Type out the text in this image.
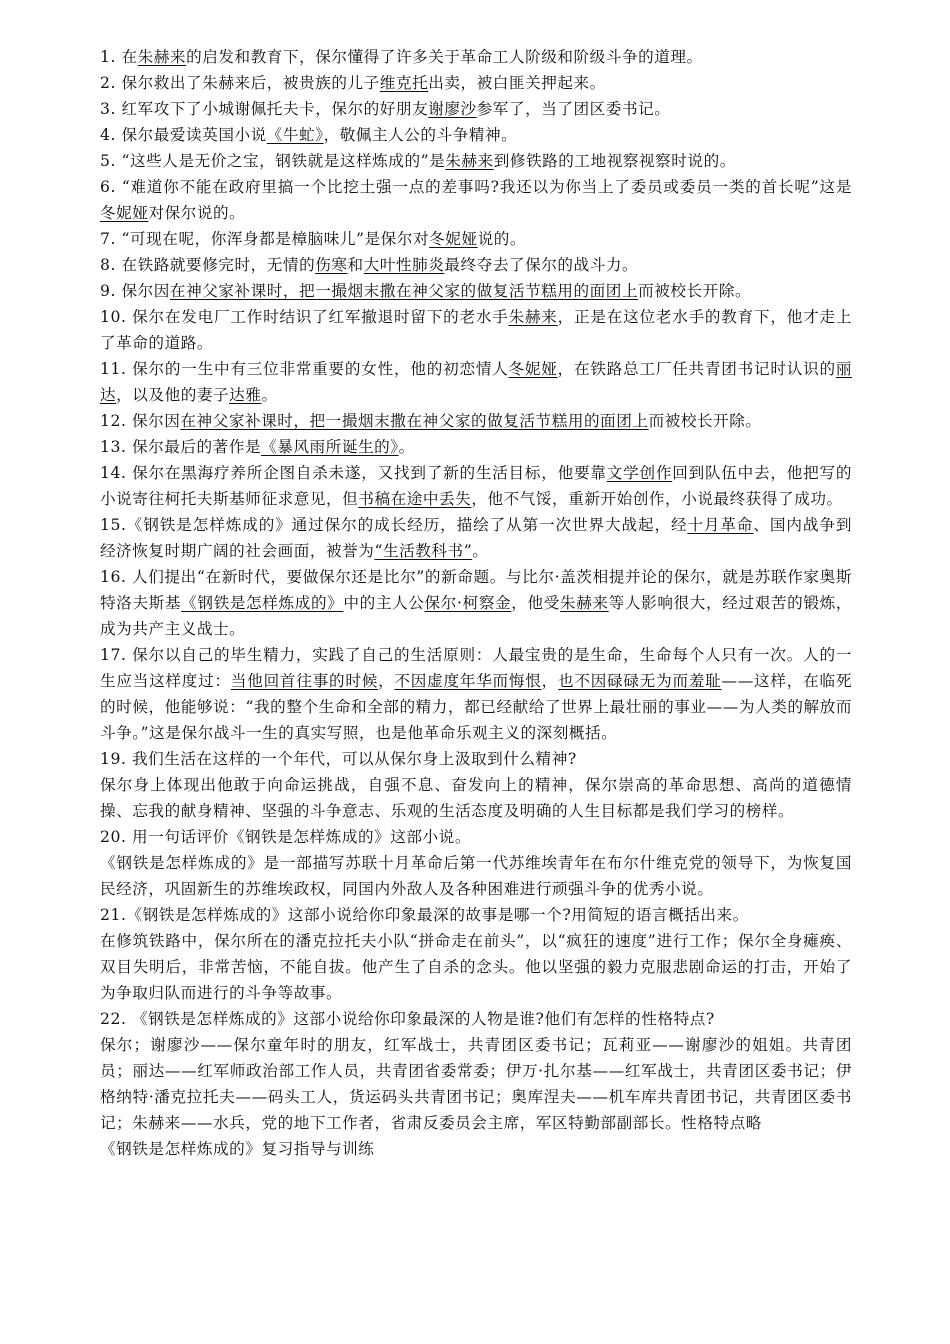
1. 在朱赫来的启发和教育下，保尔懂得了许多关于革命工人阶级和阶级斗争的道理。

2. 保尔救出了朱赫来后，被贵族的儿子维克托出卖，被白匪关押起来。

3. 红军攻下了小城谢佩托夫卡，保尔的好朋友谢廖沙参军了，当了团区委书记。

4. 保尔最爱读英国小说《牛虻》，敬佩主人公的斗争精神。

5. “这些人是无价之宝，钢铁就是这样炼成的”是朱赫来到修铁路的工地视察视察时说的。

6. “难道你不能在政府里搞一个比挖土强一点的差事吗?我还以为你当上了委员或委员一类的首长呢”这是冬妮娅对保尔说的。

7. “可现在呢，你浑身都是樟脑味儿”是保尔对冬妮娅说的。

8. 在铁路就要修完时，无情的伤寒和大叶性肺炎最终夺去了保尔的战斗力。

9. 保尔因在神父家补课时，把一撮烟末撒在神父家的做复活节糕用的面团上而被校长开除。

10. 保尔在发电厂工作时结识了红军撤退时留下的老水手朱赫来，正是在这位老水手的教育下，他才走上了革命的道路。

11. 保尔的一生中有三位非常重要的女性，他的初恋情人冬妮娅，在铁路总工厂任共青团书记时认识的丽达，以及他的妻子达雅。

12. 保尔因在神父家补课时，把一撮烟末撒在神父家的做复活节糕用的面团上而被校长开除。

13. 保尔最后的著作是《暴风雨所诞生的》。

14. 保尔在黑海疗养所企图自杀未遂，又找到了新的生活目标，他要靠文学创作回到队伍中去，他把写的小说寄往柯托夫斯基师征求意见，但书稿在途中丢失，他不气馁，重新开始创作，小说最终获得了成功。

15.《钢铁是怎样炼成的》通过保尔的成长经历，描绘了从第一次世界大战起，经十月革命、国内战争到经济恢复时期广阔的社会画面，被誉为“生活教科书”。

16. 人们提出“在新时代，要做保尔还是比尔”的新命题。与比尔·盖茨相提并论的保尔，就是苏联作家奥斯特洛夫斯基《钢铁是怎样炼成的》中的主人公保尔·柯察金，他受朱赫来等人影响很大，经过艰苦的锻炼，成为共产主义战士。

17. 保尔以自己的毕生精力，实践了自己的生活原则：人最宝贵的是生命，生命每个人只有一次。人的一生应当这样度过：当他回首往事的时候，不因虚度年华而悔恨，也不因碌碌无为而羞耻——这样，在临死的时候，他能够说：“我的整个生命和全部的精力，都已经献给了世界上最壮丽的事业——为人类的解放而斗争。”这是保尔战斗一生的真实写照，也是他革命乐观主义的深刻概括。

19. 我们生活在这样的一个年代，可以从保尔身上汲取到什么精神?

保尔身上体现出他敢于向命运挑战，自强不息、奋发向上的精神，保尔崇高的革命思想、高尚的道德情操、忘我的献身精神、坚强的斗争意志、乐观的生活态度及明确的人生目标都是我们学习的榜样。

20. 用一句话评价《钢铁是怎样炼成的》这部小说。

《钢铁是怎样炼成的》是一部描写苏联十月革命后第一代苏维埃青年在布尔什维克党的领导下，为恢复国民经济，巩固新生的苏维埃政权，同国内外敌人及各种困难进行顽强斗争的优秀小说。

21.《钢铁是怎样炼成的》这部小说给你印象最深的故事是哪一个?用简短的语言概括出来。

在修筑铁路中，保尔所在的潘克拉托夫小队“拼命走在前头”，以“疯狂的速度”进行工作；保尔全身瘫痪、双目失明后，非常苦恼，不能自拔。他产生了自杀的念头。他以坚强的毅力克服悲剧命运的打击，开始了为争取归队而进行的斗争等故事。

22. 《钢铁是怎样炼成的》这部小说给你印象最深的人物是谁?他们有怎样的性格特点?

保尔；谢廖沙——保尔童年时的朋友，红军战士，共青团区委书记；瓦莉亚——谢廖沙的姐姐。共青团员；丽达——红军师政治部工作人员，共青团省委常委；伊万·扎尔基——红军战士，共青团区委书记；伊格纳特·潘克拉托夫——码头工人，货运码头共青团书记；奥库涅夫——机车库共青团书记，共青团区委书记；朱赫来——水兵，党的地下工作者，省肃反委员会主席，军区特勤部副部长。性格特点略

《钢铁是怎样炼成的》复习指导与训练
